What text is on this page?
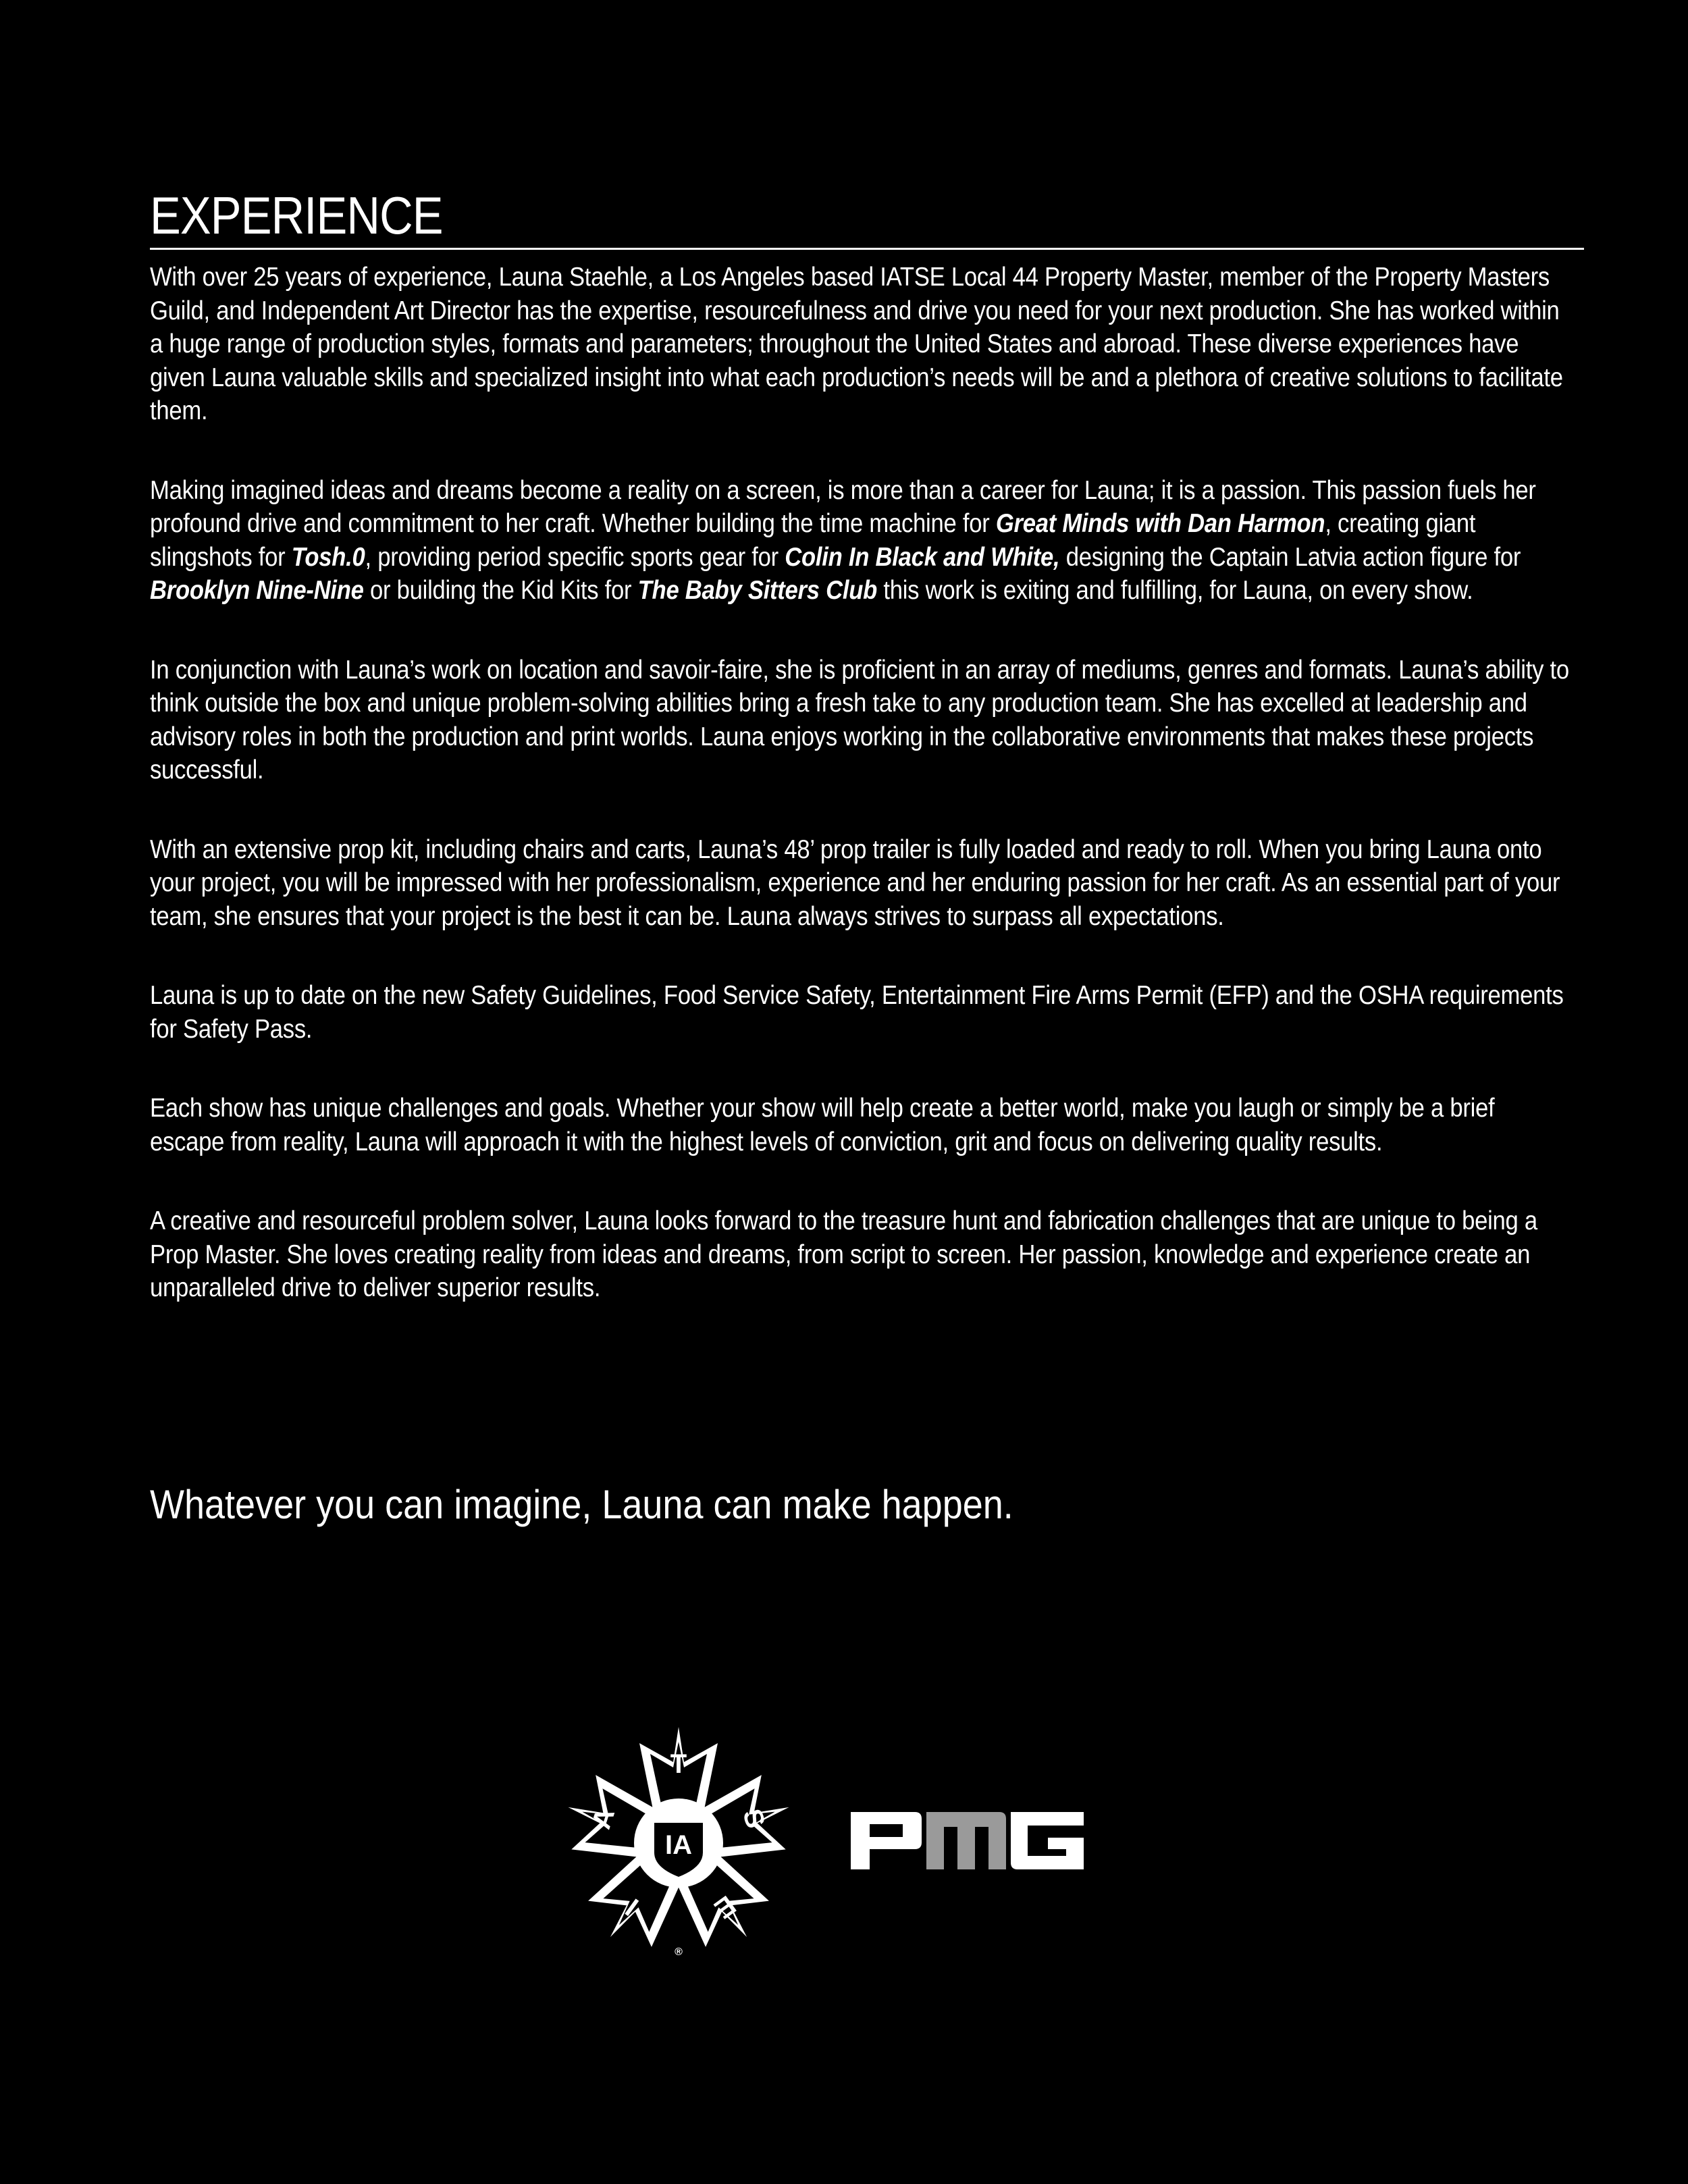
EXPERIENCE

With over 25 years of experience, Launa Staehle, a Los Angeles based IATSE Local 44 Property Master, member of the Property Masters Guild, and Independent Art Director has the expertise, resourcefulness and drive you need for your next production. She has worked within a huge range of production styles, formats and parameters; throughout the United States and abroad. These diverse experiences have given Launa valuable skills and specialized insight into what each production’s needs will be and a plethora of creative solutions to facilitate them.

Making imagined ideas and dreams become a reality on a screen, is more than a career for Launa; it is a passion. This passion fuels her profound drive and commitment to her craft. Whether building the time machine for Great Minds with Dan Harmon, creating giant slingshots for Tosh.0, providing period specific sports gear for Colin In Black and White, designing the Captain Latvia action figure for Brooklyn Nine-Nine or building the Kid Kits for The Baby Sitters Club this work is exiting and fulfilling, for Launa, on every show.

In conjunction with Launa’s work on location and savoir-faire, she is proficient in an array of mediums, genres and formats. Launa’s ability to think outside the box and unique problem-solving abilities bring a fresh take to any production team. She has excelled at leadership and advisory roles in both the production and print worlds. Launa enjoys working in the collaborative environments that makes these projects successful.

With an extensive prop kit, including chairs and carts, Launa’s 48’ prop trailer is fully loaded and ready to roll. When you bring Launa onto your project, you will be impressed with her professionalism, experience and her enduring passion for her craft. As an essential part of your team, she ensures that your project is the best it can be. Launa always strives to surpass all expectations.

Launa is up to date on the new Safety Guidelines, Food Service Safety, Entertainment Fire Arms Permit (EFP) and the OSHA requirements for Safety Pass.

Each show has unique challenges and goals. Whether your show will help create a better world, make you laugh or simply be a brief escape from reality, Launa will approach it with the highest levels of conviction, grit and focus on delivering quality results.

A creative and resourceful problem solver, Launa looks forward to the treasure hunt and fabrication challenges that are unique to being a Prop Master. She loves creating reality from ideas and dreams, from script to screen. Her passion, knowledge and experience create an unparalleled drive to deliver superior results.

Whatever you can imagine, Launa can make happen.
T
S
E
I
A
IA
®
